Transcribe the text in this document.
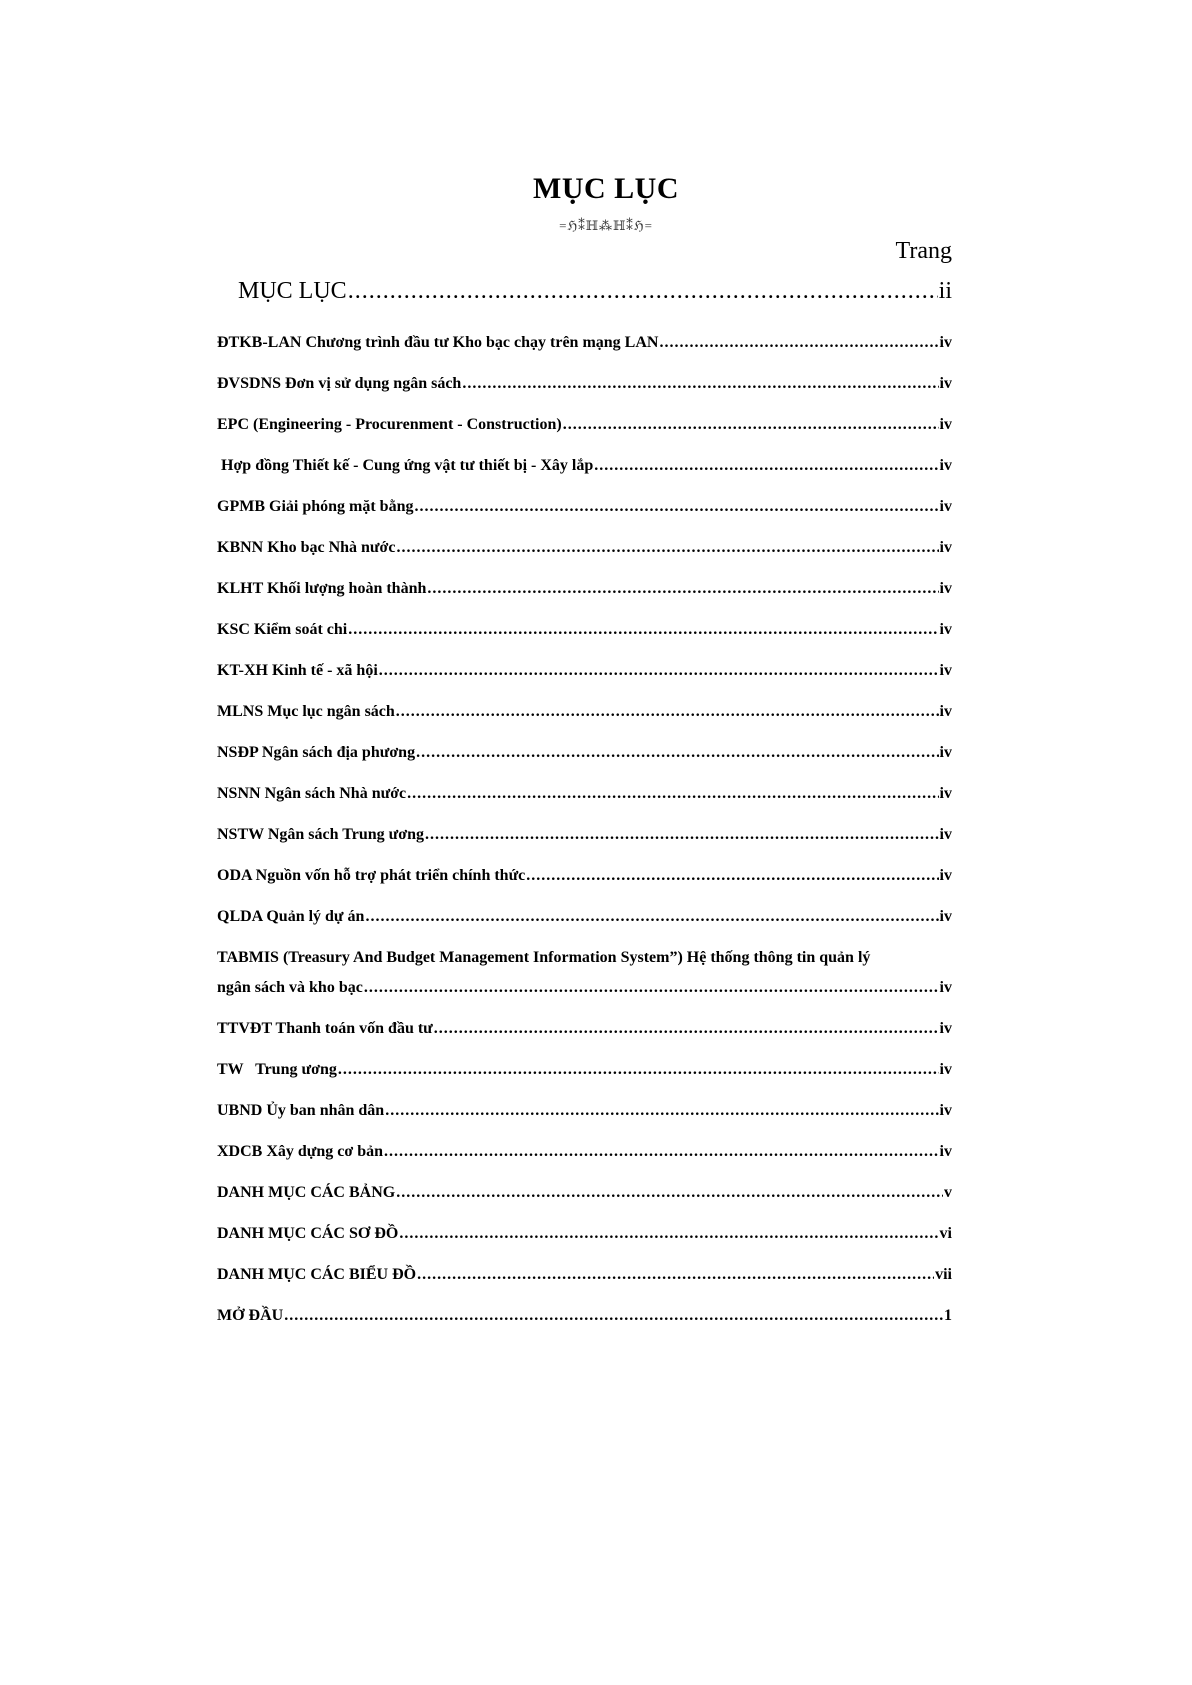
MỤC LỤC
=ℌ⁑ℍ⁂ℍ⁑ℌ=
Trang
MỤC LỤC .....	ii
ĐTKB-LAN Chương trình đầu tư Kho bạc chạy trên mạng LAN .....	iv
ĐVSDNS Đơn vị sử dụng ngân sách .....	iv
EPC (Engineering - Procurenment - Construction) .....	iv
Hợp đồng Thiết kế - Cung ứng vật tư thiết bị - Xây lắp .....	iv
GPMB Giải phóng mặt bằng .....	iv
KBNN Kho bạc Nhà nước .....	iv
KLHT Khối lượng hoàn thành .....	iv
KSC Kiểm soát chi .....	iv
KT-XH Kinh tế - xã hội .....	iv
MLNS Mục lục ngân sách .....	iv
NSĐP Ngân sách địa phương .....	iv
NSNN Ngân sách Nhà nước .....	iv
NSTW Ngân sách Trung ương .....	iv
ODA Nguồn vốn hỗ trợ phát triển chính thức .....	iv
QLDA Quản lý dự án .....	iv
TABMIS (Treasury And Budget Management Information System”) Hệ thống thông tin quản lý
ngân sách và kho bạc .....	iv
TTVĐT Thanh toán vốn đầu tư .....	iv
TW   Trung ương .....	iv
UBND Ủy ban nhân dân .....	iv
XDCB Xây dựng cơ bản .....	iv
DANH MỤC CÁC BẢNG .....	v
DANH MỤC CÁC SƠ ĐỒ .....	vi
DANH MỤC CÁC BIỂU ĐỒ .....	vii
MỞ ĐẦU .....	1
